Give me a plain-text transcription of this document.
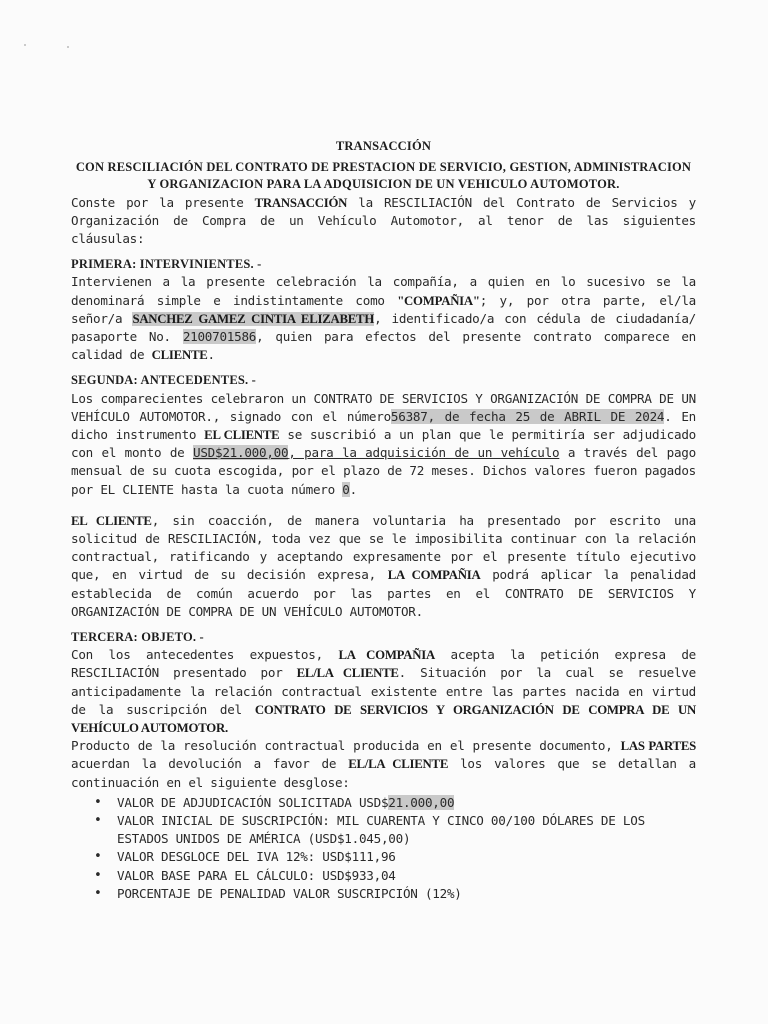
TRANSACCIÓN
CON RESCILIACIÓN DEL CONTRATO DE PRESTACION DE SERVICIO, GESTION, ADMINISTRACION Y ORGANIZACION PARA LA ADQUISICION DE UN VEHICULO AUTOMOTOR.

Conste por la presente TRANSACCIÓN la RESCILIACIÓN del Contrato de Servicios y Organización de Compra de un Vehículo Automotor, al tenor de las siguientes cláusulas:

PRIMERA: INTERVINIENTES. -

Intervienen a la presente celebración la compañía, a quien en lo sucesivo se la denominará simple e indistintamente como "COMPAÑIA"; y, por otra parte, el/la señor/a SANCHEZ GAMEZ CINTIA ELIZABETH, identificado/a con cédula de ciudadanía/ pasaporte No. 2100701586, quien para efectos del presente contrato comparece en calidad de CLIENTE.

SEGUNDA: ANTECEDENTES. -

Los comparecientes celebraron un CONTRATO DE SERVICIOS Y ORGANIZACIÓN DE COMPRA DE UN VEHÍCULO AUTOMOTOR., signado con el número56387, de fecha 25 de ABRIL DE 2024. En dicho instrumento EL CLIENTE se suscribió a un plan que le permitiría ser adjudicado con el monto de USD$21.000,00, para la adquisición de un vehículo a través del pago mensual de su cuota escogida, por el plazo de 72 meses. Dichos valores fueron pagados por EL CLIENTE hasta la cuota número 0.

EL CLIENTE, sin coacción, de manera voluntaria ha presentado por escrito una solicitud de RESCILIACIÓN, toda vez que se le imposibilita continuar con la relación contractual, ratificando y aceptando expresamente por el presente título ejecutivo que, en virtud de su decisión expresa, LA COMPAÑIA podrá aplicar la penalidad establecida de común acuerdo por las partes en el CONTRATO DE SERVICIOS Y ORGANIZACIÓN DE COMPRA DE UN VEHÍCULO AUTOMOTOR.

TERCERA: OBJETO. -

Con los antecedentes expuestos, LA COMPAÑIA acepta la petición expresa de RESCILIACIÓN presentado por EL/LA CLIENTE. Situación por la cual se resuelve anticipadamente la relación contractual existente entre las partes nacida en virtud de la suscripción del CONTRATO DE SERVICIOS Y ORGANIZACIÓN DE COMPRA DE UN VEHÍCULO AUTOMOTOR.

Producto de la resolución contractual producida en el presente documento, LAS PARTES acuerdan la devolución a favor de EL/LA CLIENTE los valores que se detallan a continuación en el siguiente desglose:

• VALOR DE ADJUDICACIÓN SOLICITADA USD$21.000,00
• VALOR INICIAL DE SUSCRIPCIÓN: MIL CUARENTA Y CINCO 00/100 DÓLARES DE LOS ESTADOS UNIDOS DE AMÉRICA (USD$1.045,00)
• VALOR DESGLOCE DEL IVA 12%: USD$111,96
• VALOR BASE PARA EL CÁLCULO: USD$933,04
• PORCENTAJE DE PENALIDAD VALOR SUSCRIPCIÓN (12%)
